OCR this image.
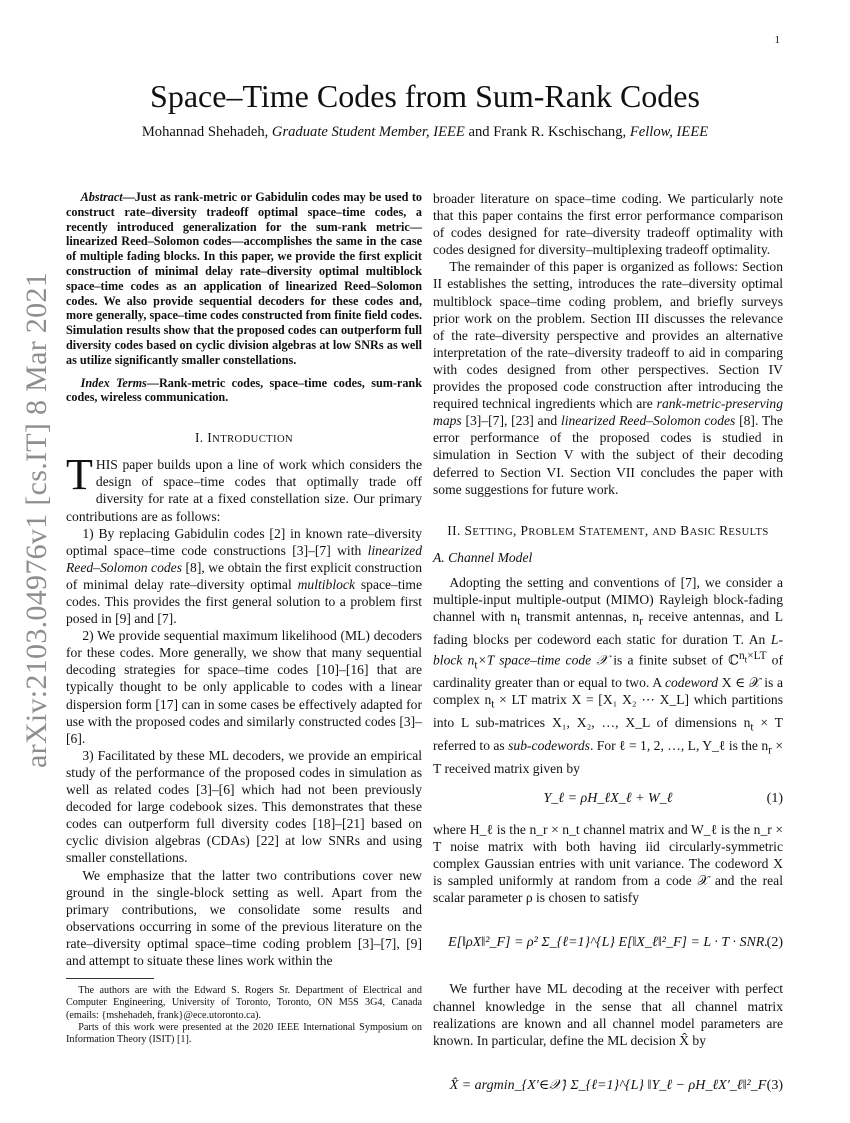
1
arXiv:2103.04976v1 [cs.IT] 8 Mar 2021
Space–Time Codes from Sum-Rank Codes
Mohannad Shehadeh, Graduate Student Member, IEEE and Frank R. Kschischang, Fellow, IEEE

Abstract—Just as rank-metric or Gabidulin codes may be used to construct rate–diversity tradeoff optimal space–time codes, a recently introduced generalization for the sum-rank metric—linearized Reed–Solomon codes—accomplishes the same in the case of multiple fading blocks. In this paper, we provide the first explicit construction of minimal delay rate–diversity optimal multiblock space–time codes as an application of linearized Reed–Solomon codes. We also provide sequential decoders for these codes and, more generally, space–time codes constructed from finite field codes. Simulation results show that the proposed codes can outperform full diversity codes based on cyclic division algebras at low SNRs as well as utilize significantly smaller constellations.

Index Terms—Rank-metric codes, space–time codes, sum-rank codes, wireless communication.

I. INTRODUCTION

THIS paper builds upon a line of work which considers the design of space–time codes that optimally trade off diversity for rate at a fixed constellation size. Our primary contributions are as follows:

1) By replacing Gabidulin codes [2] in known rate–diversity optimal space–time code constructions [3]–[7] with linearized Reed–Solomon codes [8], we obtain the first explicit construction of minimal delay rate–diversity optimal multiblock space–time codes. This provides the first general solution to a problem first posed in [9] and [7].

2) We provide sequential maximum likelihood (ML) decoders for these codes. More generally, we show that many sequential decoding strategies for space–time codes [10]–[16] that are typically thought to be only applicable to codes with a linear dispersion form [17] can in some cases be effectively adapted for use with the proposed codes and similarly constructed codes [3]–[6].

3) Facilitated by these ML decoders, we provide an empirical study of the performance of the proposed codes in simulation as well as related codes [3]–[6] which had not been previously decoded for large codebook sizes. This demonstrates that these codes can outperform full diversity codes [18]–[21] based on cyclic division algebras (CDAs) [22] at low SNRs and using smaller constellations.

We emphasize that the latter two contributions cover new ground in the single-block setting as well. Apart from the primary contributions, we consolidate some results and observations occurring in some of the previous literature on the rate–diversity optimal space–time coding problem [3]–[7], [9] and attempt to situate these lines work within the

broader literature on space–time coding. We particularly note that this paper contains the first error performance comparison of codes designed for rate–diversity tradeoff optimality with codes designed for diversity–multiplexing tradeoff optimality.

The remainder of this paper is organized as follows: Section II establishes the setting, introduces the rate–diversity optimal multiblock space–time coding problem, and briefly surveys prior work on the problem. Section III discusses the relevance of the rate–diversity perspective and provides an alternative interpretation of the rate–diversity tradeoff to aid in comparing with codes designed from other perspectives. Section IV provides the proposed code construction after introducing the required technical ingredients which are rank-metric-preserving maps [3]–[7], [23] and linearized Reed–Solomon codes [8]. The error performance of the proposed codes is studied in simulation in Section V with the subject of their decoding deferred to Section VI. Section VII concludes the paper with some suggestions for future work.

II. SETTING, PROBLEM STATEMENT, AND BASIC RESULTS
A. Channel Model

Adopting the setting and conventions of [7], we consider a multiple-input multiple-output (MIMO) Rayleigh block-fading channel with $n_t$ transmit antennas, $n_r$ receive antennas, and L fading blocks per codeword each static for duration T. An L-block $n_t\times T$ space–time code 𝒳 is a finite subset of ℂ$^{n_t\times LT}$ of cardinality greater than or equal to two. A codeword X ∈ 𝒳 is a complex $n_t$ × LT matrix X = [X₁ X₂ ⋯ X_L] which partitions into L sub-matrices X₁, X₂, …, X_L of dimensions $n_t \times T$ referred to as sub-codewords. For ℓ = 1, 2, …, L, Y_ℓ is the $n_r \times T$ received matrix given by

Y_ℓ = ρH_ℓX_ℓ + W_ℓ	(1)

where H_ℓ is the n_r × n_t channel matrix and W_ℓ is the n_r × T noise matrix with both having iid circularly-symmetric complex Gaussian entries with unit variance. The codeword X is sampled uniformly at random from a code 𝒳 and the real scalar parameter ρ is chosen to satisfy

E[‖ρX‖²_F] = ρ² Σ_{ℓ=1}^{L} E[‖X_ℓ‖²_F] = L · T · SNR.
(2)

We further have ML decoding at the receiver with perfect channel knowledge in the sense that all channel matrix realizations are known and all channel model parameters are known. In particular, define the ML decision X̂ by

X̂ = argmin_{X′∈𝒳} Σ_{ℓ=1}^{L} ‖Y_ℓ − ρH_ℓX′_ℓ‖²_F (3)

The authors are with the Edward S. Rogers Sr. Department of Electrical and Computer Engineering, University of Toronto, Toronto, ON M5S 3G4, Canada (emails: {mshehadeh, frank}@ece.utoronto.ca).

Parts of this work were presented at the 2020 IEEE International Symposium on Information Theory (ISIT) [1].
